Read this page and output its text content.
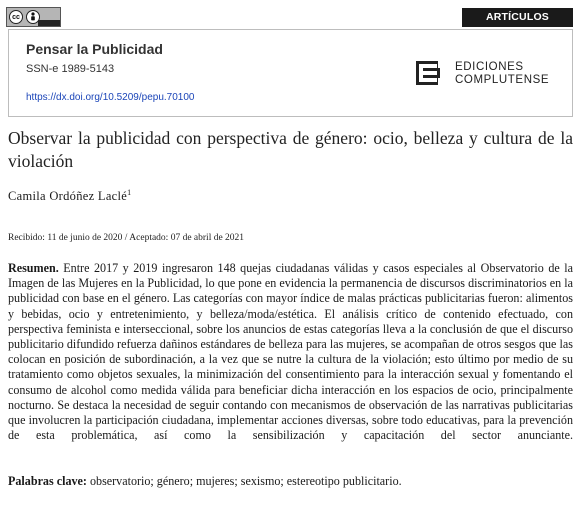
cc	ARTÍCULOS
Pensar la Publicidad
SSN-e 1989-5143
https://dx.doi.org/10.5209/pepu.70100
EDICIONES
COMPLUTENSE
Observar la publicidad con perspectiva de género: ocio, belleza y cultura de la violación
Camila Ordóñez Laclé$^1$
Recibido: 11 de junio de 2020 / Aceptado: 07 de abril de 2021
Resumen. Entre 2017 y 2019 ingresaron 148 quejas ciudadanas válidas y casos especiales al Observatorio de la Imagen de las Mujeres en la Publicidad, lo que pone en evidencia la permanencia de discursos discriminatorios en la publicidad con base en el género. Las categorías con mayor índice de malas prácticas publicitarias fueron: alimentos y bebidas, ocio y entretenimiento, y belleza/moda/estética. El análisis crítico de contenido efectuado, con perspectiva feminista e interseccional, sobre los anuncios de estas categorías lleva a la conclusión de que el discurso publicitario difundido refuerza dañinos estándares de belleza para las mujeres, se acompañan de otros sesgos que las colocan en posición de subordinación, a la vez que se nutre la cultura de la violación; esto último por medio de su tratamiento como objetos sexuales, la minimización del consentimiento para la interacción sexual y fomentando el consumo de alcohol como medida válida para beneficiar dicha interacción en los espacios de ocio, principalmente nocturno. Se destaca la necesidad de seguir contando con mecanismos de observación de las narrativas publicitarias que involucren la participación ciudadana, implementar acciones diversas, sobre todo educativas, para la prevención de esta problemática, así como la sensibilización y capacitación del sector anunciante.
Palabras clave: observatorio; género; mujeres; sexismo; estereotipo publicitario.
